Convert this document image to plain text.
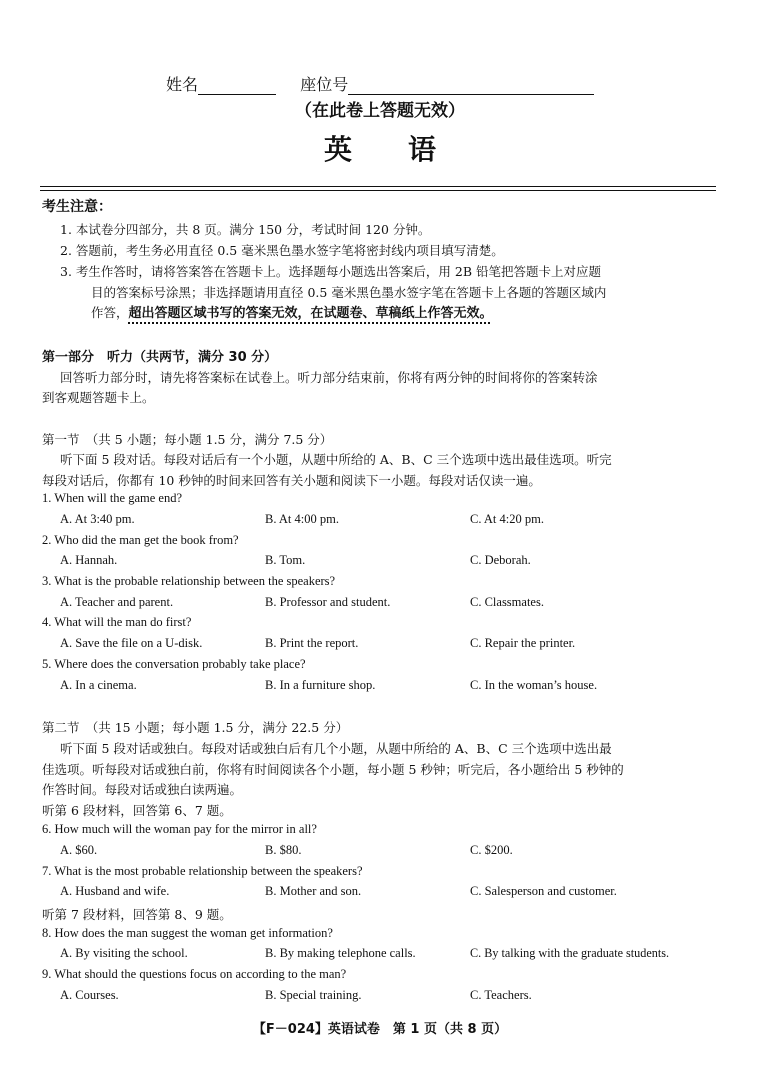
姓名	座位号
（在此卷上答题无效）
英语
考生注意：
1. 本试卷分四部分，共 8 页。满分 150 分，考试时间 120 分钟。
2. 答题前，考生务必用直径 0.5 毫米黑色墨水签字笔将密封线内项目填写清楚。
3. 考生作答时，请将答案答在答题卡上。选择题每小题选出答案后，用 2B 铅笔把答题卡上对应题
目的答案标号涂黑；非选择题请用直径 0.5 毫米黑色墨水签字笔在答题卡上各题的答题区域内
作答，超出答题区域书写的答案无效，在试题卷、草稿纸上作答无效。
第一部分　听力（共两节，满分 30 分）
回答听力部分时，请先将答案标在试卷上。听力部分结束前，你将有两分钟的时间将你的答案转涂
到客观题答题卡上。
第一节　（共 5 小题；每小题 1.5 分，满分 7.5 分）
听下面 5 段对话。每段对话后有一个小题，从题中所给的 A、B、C 三个选项中选出最佳选项。听完
每段对话后，你都有 10 秒钟的时间来回答有关小题和阅读下一小题。每段对话仅读一遍。
1. When will the game end?
A. At 3:40 pm.	B. At 4:00 pm.	C. At 4:20 pm.
2. Who did the man get the book from?
A. Hannah.	B. Tom.	C. Deborah.
3. What is the probable relationship between the speakers?
A. Teacher and parent.	B. Professor and student.	C. Classmates.
4. What will the man do first?
A. Save the file on a U-disk.	B. Print the report.	C. Repair the printer.
5. Where does the conversation probably take place?
A. In a cinema.	B. In a furniture shop.	C. In the woman’s house.
第二节　（共 15 小题；每小题 1.5 分，满分 22.5 分）
听下面 5 段对话或独白。每段对话或独白后有几个小题，从题中所给的 A、B、C 三个选项中选出最
佳选项。听每段对话或独白前，你将有时间阅读各个小题，每小题 5 秒钟；听完后，各小题给出 5 秒钟的
作答时间。每段对话或独白读两遍。
听第 6 段材料，回答第 6、7 题。
6. How much will the woman pay for the mirror in all?
A. $60.	B. $80.	C. $200.
7. What is the most probable relationship between the speakers?
A. Husband and wife.	B. Mother and son.	C. Salesperson and customer.
听第 7 段材料，回答第 8、9 题。
8. How does the man suggest the woman get information?
A. By visiting the school.	B. By making telephone calls.	C. By talking with the graduate students.
9. What should the questions focus on according to the man?
A. Courses.	B. Special training.	C. Teachers.
【F－024】英语试卷　第 1 页（共 8 页）
